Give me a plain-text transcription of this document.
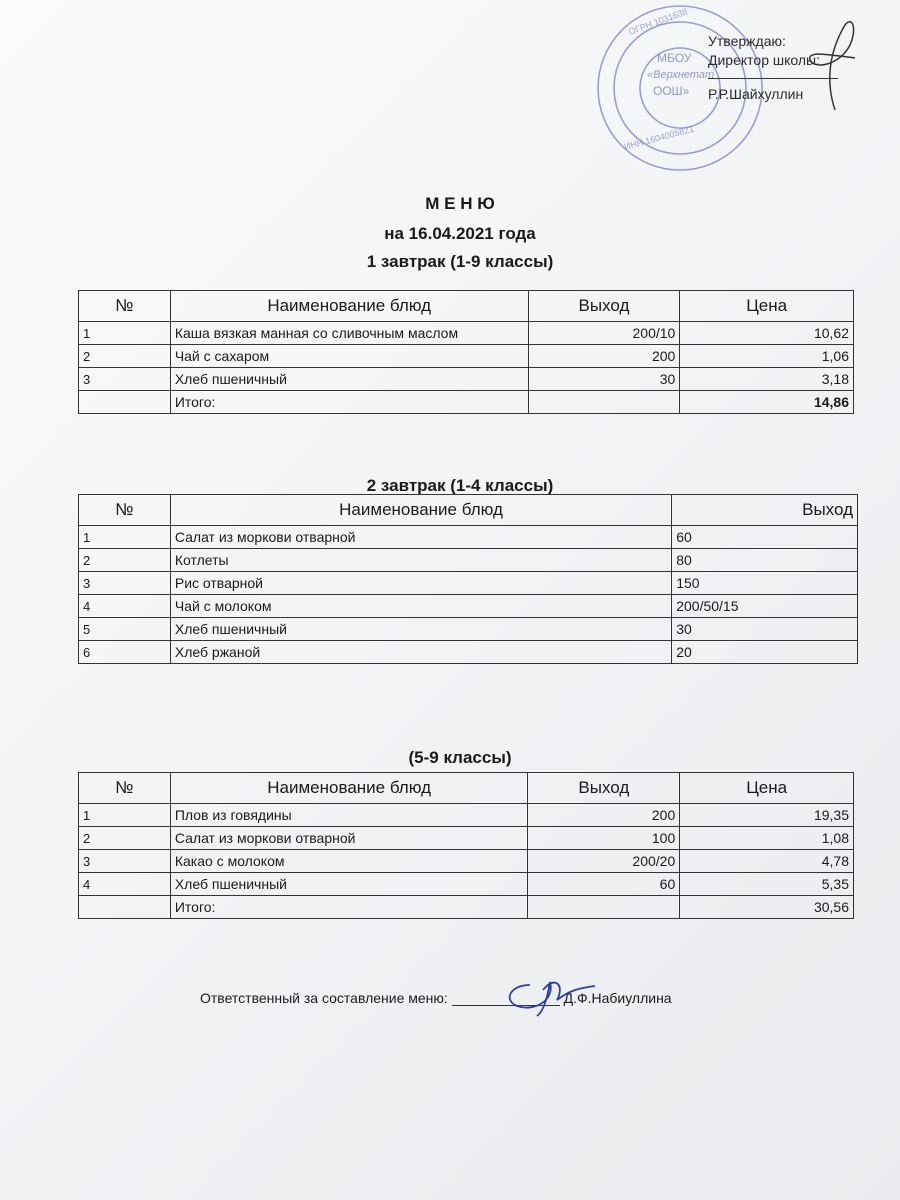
МБОУ
«Верхнетат
ООШ»
ИНН 1604005821
ОГРН 1031638
Утверждаю:
Директор школы:
Р.Р.Шайхуллин
М Е Н Ю
на 16.04.2021 года
1 завтрак (1-9 классы)
№	Наименование блюд	Выход	Цена
1	Каша вязкая манная со сливочным маслом	200/10	10,62
2	Чай с сахаром	200	1,06
3	Хлеб пшеничный	30	3,18
	Итого:		14,86
2 завтрак (1-4 классы)
№	Наименование блюд	Выход
1	Салат из моркови отварной	60
2	Котлеты	80
3	Рис отварной	150
4	Чай с молоком	200/50/15
5	Хлеб пшеничный	30
6	Хлеб ржаной	20
(5-9 классы)
№	Наименование блюд	Выход	Цена
1	Плов из говядины	200	19,35
2	Салат из моркови отварной	100	1,08
3	Какао с молоком	200/20	4,78
4	Хлеб пшеничный	60	5,35
	Итого:		30,56
Ответственный за составление меню:	Д.Ф.Набиуллина
